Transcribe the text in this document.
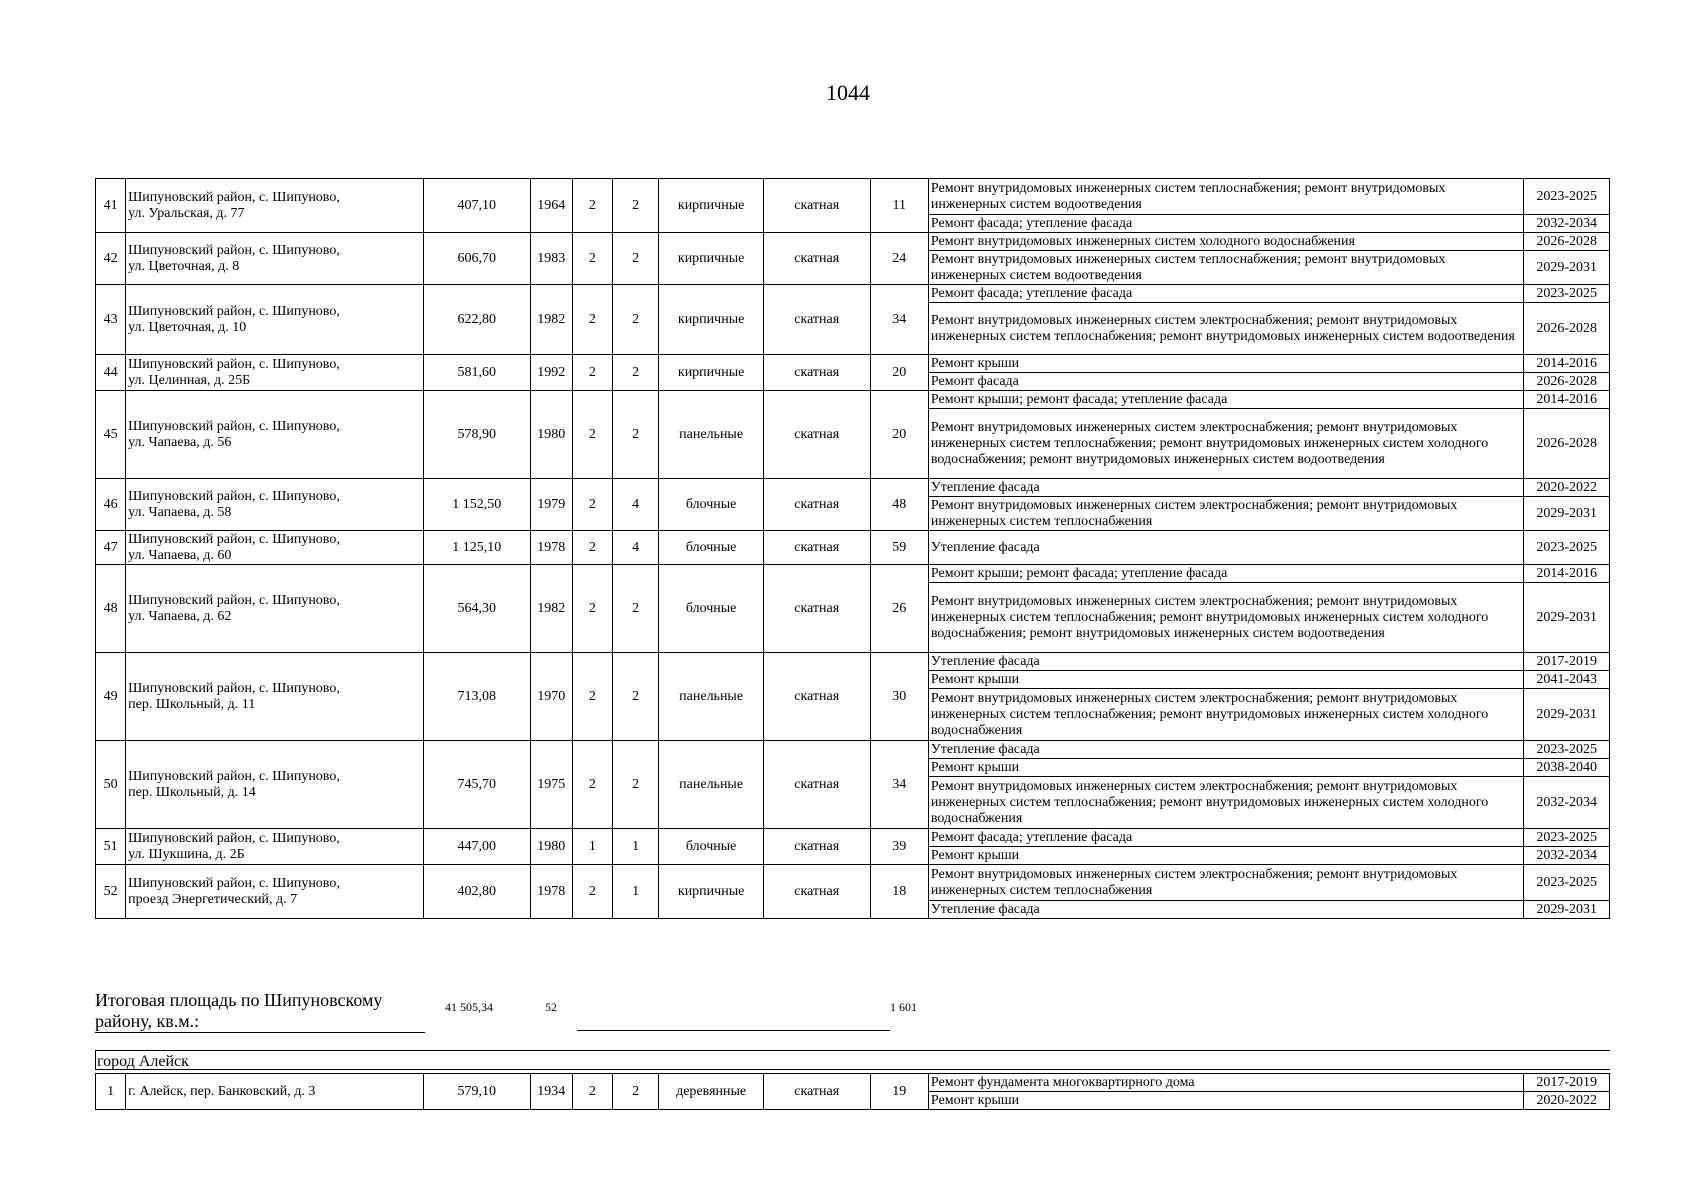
1044
41	Шипуновский район, с. Шипуново,
ул. Уральская, д. 77	407,10	1964	2	2	кирпичные	скатная	11	Ремонт внутридомовых инженерных систем теплоснабжения; ремонт внутридомовых инженерных систем водоотведения	2023-2025
									Ремонт фасада; утепление фасада	2032-2034
42	Шипуновский район, с. Шипуново,
ул. Цветочная, д. 8	606,70	1983	2	2	кирпичные	скатная	24	Ремонт внутридомовых инженерных систем холодного водоснабжения	2026-2028
									Ремонт внутридомовых инженерных систем теплоснабжения; ремонт внутридомовых инженерных систем водоотведения	2029-2031
43	Шипуновский район, с. Шипуново,
ул. Цветочная, д. 10	622,80	1982	2	2	кирпичные	скатная	34	Ремонт фасада; утепление фасада	2023-2025
									Ремонт внутридомовых инженерных систем электроснабжения; ремонт внутридомовых инженерных систем теплоснабжения; ремонт внутридомовых инженерных систем водоотведения	2026-2028
44	Шипуновский район, с. Шипуново,
ул. Целинная, д. 25Б	581,60	1992	2	2	кирпичные	скатная	20	Ремонт крыши	2014-2016
									Ремонт фасада	2026-2028
45	Шипуновский район, с. Шипуново,
ул. Чапаева, д. 56	578,90	1980	2	2	панельные	скатная	20	Ремонт крыши; ремонт фасада; утепление фасада	2014-2016
									Ремонт внутридомовых инженерных систем электроснабжения; ремонт внутридомовых инженерных систем теплоснабжения; ремонт внутридомовых инженерных систем холодного водоснабжения; ремонт внутридомовых инженерных систем водоотведения	2026-2028
46	Шипуновский район, с. Шипуново,
ул. Чапаева, д. 58	1 152,50	1979	2	4	блочные	скатная	48	Утепление фасада	2020-2022
									Ремонт внутридомовых инженерных систем электроснабжения; ремонт внутридомовых инженерных систем теплоснабжения	2029-2031
47	Шипуновский район, с. Шипуново,
ул. Чапаева, д. 60	1 125,10	1978	2	4	блочные	скатная	59	Утепление фасада	2023-2025
48	Шипуновский район, с. Шипуново,
ул. Чапаева, д. 62	564,30	1982	2	2	блочные	скатная	26	Ремонт крыши; ремонт фасада; утепление фасада	2014-2016
									Ремонт внутридомовых инженерных систем электроснабжения; ремонт внутридомовых инженерных систем теплоснабжения; ремонт внутридомовых инженерных систем холодного водоснабжения; ремонт внутридомовых инженерных систем водоотведения	2029-2031
49	Шипуновский район, с. Шипуново,
пер. Школьный, д. 11	713,08	1970	2	2	панельные	скатная	30	Утепление фасада	2017-2019
									Ремонт крыши	2041-2043
									Ремонт внутридомовых инженерных систем электроснабжения; ремонт внутридомовых инженерных систем теплоснабжения; ремонт внутридомовых инженерных систем холодного водоснабжения	2029-2031
50	Шипуновский район, с. Шипуново,
пер. Школьный, д. 14	745,70	1975	2	2	панельные	скатная	34	Утепление фасада	2023-2025
									Ремонт крыши	2038-2040
									Ремонт внутридомовых инженерных систем электроснабжения; ремонт внутридомовых инженерных систем теплоснабжения; ремонт внутридомовых инженерных систем холодного водоснабжения	2032-2034
51	Шипуновский район, с. Шипуново,
ул. Шукшина, д. 2Б	447,00	1980	1	1	блочные	скатная	39	Ремонт фасада; утепление фасада	2023-2025
									Ремонт крыши	2032-2034
52	Шипуновский район, с. Шипуново,
проезд Энергетический, д. 7	402,80	1978	2	1	кирпичные	скатная	18	Ремонт внутридомовых инженерных систем электроснабжения; ремонт внутридомовых инженерных систем теплоснабжения	2023-2025
									Утепление фасада	2029-2031
Итоговая площадь по Шипуновскому району, кв.м.:
41 505,34	52	1 601
город Алейск
1	г. Алейск, пер. Банковский, д. 3	579,10	1934	2	2	деревянные	скатная	19	Ремонт фундамента многоквартирного дома	2017-2019
									Ремонт крыши	2020-2022
